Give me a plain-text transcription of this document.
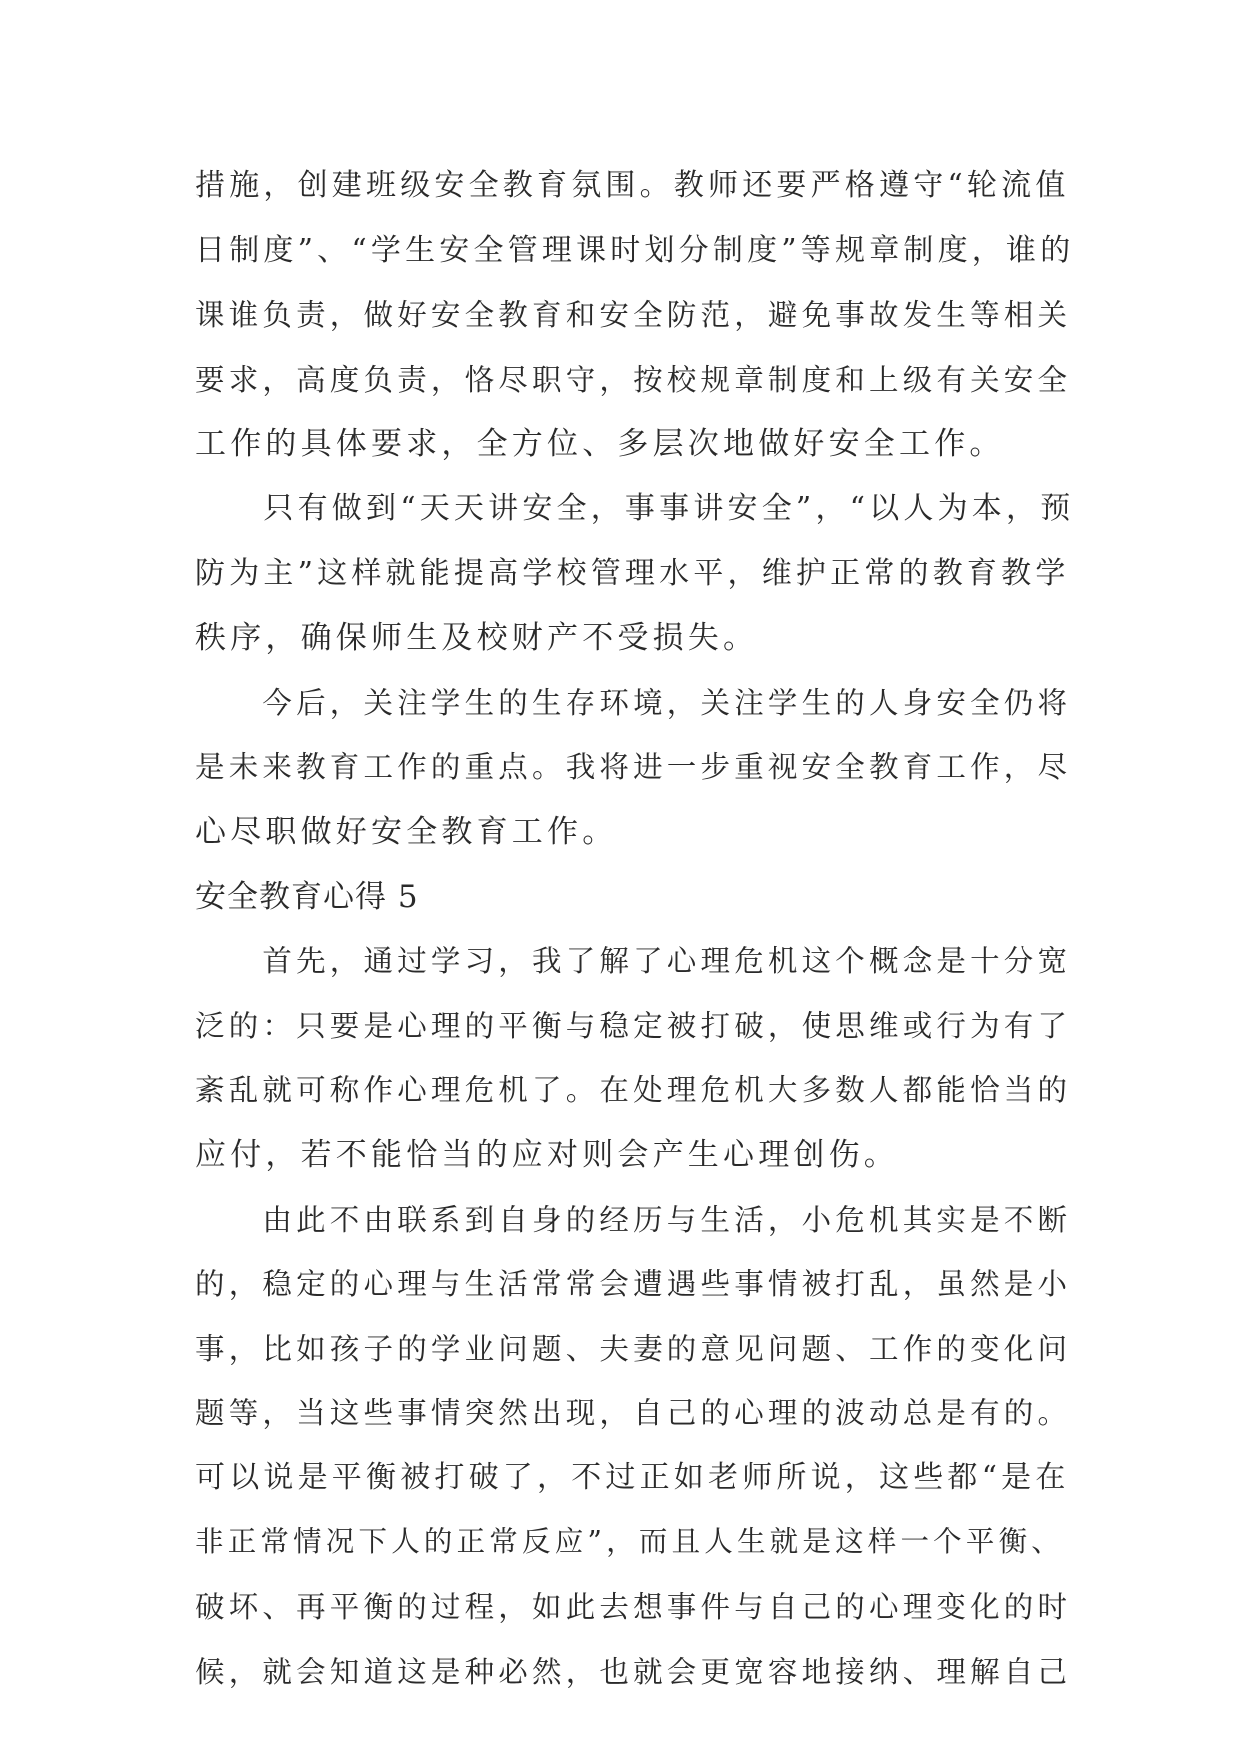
措施，创建班级安全教育氛围。教师还要严格遵守“轮流值
日制度”、“学生安全管理课时划分制度”等规章制度，谁的
课谁负责，做好安全教育和安全防范，避免事故发生等相关
要求，高度负责，恪尽职守，按校规章制度和上级有关安全
工作的具体要求，全方位、多层次地做好安全工作。
　　只有做到“天天讲安全，事事讲安全”，“以人为本，预
防为主”这样就能提高学校管理水平，维护正常的教育教学
秩序，确保师生及校财产不受损失。
　　今后，关注学生的生存环境，关注学生的人身安全仍将
是未来教育工作的重点。我将进一步重视安全教育工作，尽
心尽职做好安全教育工作。
安全教育心得 5
　　首先，通过学习，我了解了心理危机这个概念是十分宽
泛的：只要是心理的平衡与稳定被打破，使思维或行为有了
紊乱就可称作心理危机了。在处理危机大多数人都能恰当的
应付，若不能恰当的应对则会产生心理创伤。
　　由此不由联系到自身的经历与生活，小危机其实是不断
的，稳定的心理与生活常常会遭遇些事情被打乱，虽然是小
事，比如孩子的学业问题、夫妻的意见问题、工作的变化问
题等，当这些事情突然出现，自己的心理的波动总是有的。
可以说是平衡被打破了，不过正如老师所说，这些都“是在
非正常情况下人的正常反应”，而且人生就是这样一个平衡、
破坏、再平衡的过程，如此去想事件与自己的心理变化的时
候，就会知道这是种必然，也就会更宽容地接纳、理解自己
